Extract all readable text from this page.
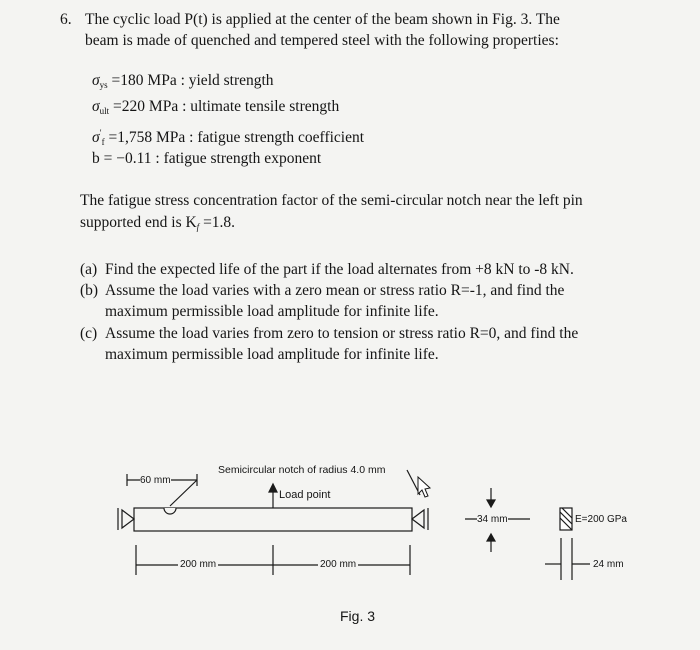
6. The cyclic load P(t) is applied at the center of the beam shown in Fig. 3. The
beam is made of quenched and tempered steel with the following properties:
$\sigma_{ys} =180$ MPa : yield strength
$\sigma_{ult} =220$ MPa : ultimate tensile strength
$\sigma'_f =1,758$ MPa : fatigue strength coefficient
b = −0.11 : fatigue strength exponent
The fatigue stress concentration factor of the semi-circular notch near the left pin
supported end is $K_f =1.8$.
(a) Find the expected life of the part if the load alternates from +8 kN to -8 kN.
(b) Assume the load varies with a zero mean or stress ratio R=-1, and find the
maximum permissible load amplitude for infinite life.
(c) Assume the load varies from zero to tension or stress ratio R=0, and find the
maximum permissible load amplitude for infinite life.
Semicircular notch of radius 4.0 mm
60 mm
Load point
34 mm	E=200 GPa
200 mm	200 mm	24 mm
Fig. 3
